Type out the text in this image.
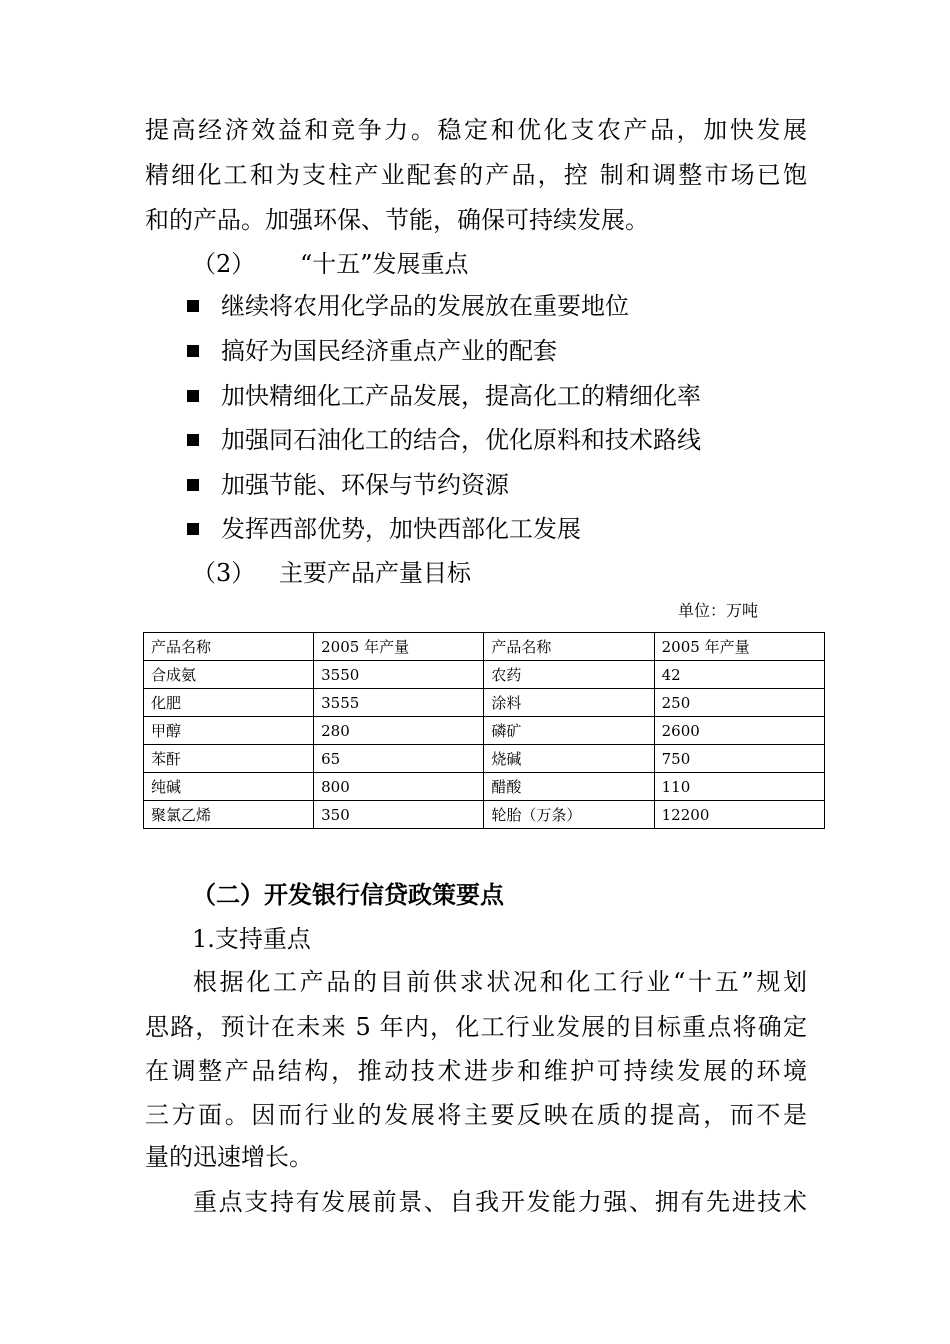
提高经济效益和竞争力。稳定和优化支农产品，加快发展
精细化工和为支柱产业配套的产品，控 制和调整市场已饱
和的产品。加强环保、节能，确保可持续发展。
（2） “十五”发展重点
继续将农用化学品的发展放在重要地位
搞好为国民经济重点产业的配套
加快精细化工产品发展，提高化工的精细化率
加强同石油化工的结合，优化原料和技术路线
加强节能、环保与节约资源
发挥西部优势，加快西部化工发展
（3） 主要产品产量目标
单位：万吨
产品名称	2005 年产量	产品名称	2005 年产量
合成氨	3550	农药	42
化肥	3555	涂料	250
甲醇	280	磷矿	2600
苯酐	65	烧碱	750
纯碱	800	醋酸	110
聚氯乙烯	350	轮胎（万条）	12200
（二）开发银行信贷政策要点
1.支持重点
根据化工产品的目前供求状况和化工行业“十五”规划
思路，预计在未来 5 年内，化工行业发展的目标重点将确定
在调整产品结构，推动技术进步和维护可持续发展的环境
三方面。因而行业的发展将主要反映在质的提高，而不是
量的迅速增长。
重点支持有发展前景、自我开发能力强、拥有先进技术
